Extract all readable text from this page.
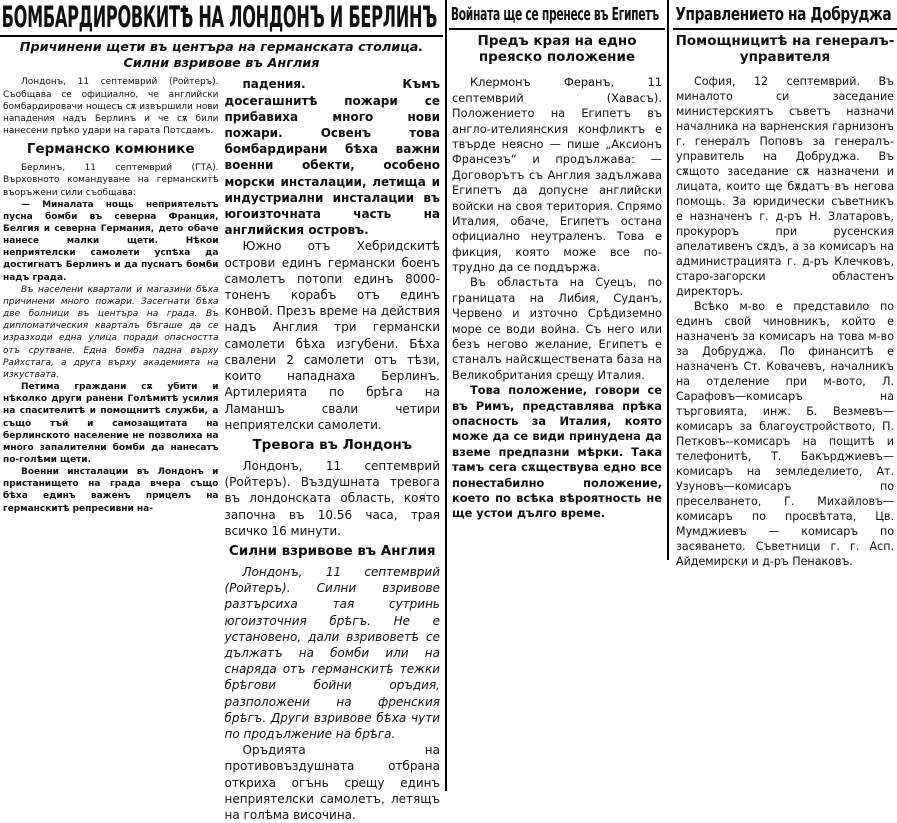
БОМБАРДИРОВКИТѢ НА ЛОНДОНЪ И БЕРЛИНЪ
Причинени щети въ центъра на германската столица. Силни взривове въ Англия

Лондонъ, 11 септемврий (Ройтеръ). Съобщава се официално, че английски бомбардировачи нощесъ сѫ извършили нови нападения надъ Берлинъ и че сѫ били нанесени прѣко удари на гарата Потсдамъ.

Германско комюнике

Берлинъ, 11 септемврий (ГТА). Върховното командуване на германскитѣ въоръжени сили съобщава:

— Миналата нощь неприятельтъ пусна бомби въ северна Франция, Белгия и северна Германия, дето обаче нанесе малки щети. Нѣкои неприятелски самолети успѣха да достигнатъ Берлинъ и да пуснатъ бомби надъ града.

Въ населени квартали и магазини бѣха причинени много пожари. Засегнати бѣха две болници въ центъра на града. Въ дипломатическия кварталъ бѣгаше да се изразходи една улица поради опасността отъ срутване. Една бомба падна върху Райхстага, а друга върху академията на изкуствата.

Петима граждани сѫ убити и нѣколко други ранени Голѣмитѣ усилия на спасителитѣ и помощнитѣ служби, а също тъй и самозащитата на берлинското население не позволиха на много запалителни бомби да нанесатъ по-голѣми щети.

Военни инсталации въ Лондонъ и пристанището на града вчера също бѣха единъ важенъ прицелъ на германскитѣ репресивни на-

падения. Къмъ досегашнитѣ пожари се прибавиха много нови пожари. Освенъ това бомбардирани бѣха важни военни обекти, особено морски инсталации, летища и индустриални инсталации въ югоизточната часть на английския островъ.

Южно отъ Хебридскитѣ острови единъ германски боенъ самолетъ потопи единъ 8000-тоненъ корабъ отъ единъ конвой. Презъ време на действия надъ Англия три германски самолети бѣха изгубени. Бѣха свалени 2 самолети отъ тѣзи, които нападнаха Берлинъ. Артилерията по брѣга на Ламаншъ свали четири неприятелски самолети.

Тревога въ Лондонъ

Лондонъ, 11 септемврий (Ройтеръ). Въздушната тревога въ лондонската область, която започна въ 10.56 часа, трая всичко 16 минути.

Силни взривове въ Англия

Лондонъ, 11 септемврий (Ройтеръ). Силни взривове разтърсиха тая сутринь югоизточния брѣгъ. Не е установено, дали взривоветѣ се дължатъ на бомби или на снаряда отъ германскитѣ тежки брѣгови бойни оръдия, разположени на френския брѣгъ. Други взривове бѣха чути по продължение на брѣга.

Оръдията на противовъздушната отбрана откриха огънь срещу единъ неприятелски самолетъ, летящъ на голѣма височина.

Войната ще се пренесе въ Египетъ
Предъ края на едно преяско положение

Клермонъ Феранъ, 11 септемврий (Хавасъ). Положението на Египетъ въ англо-ителиянския конфликтъ е твърде неясно — пише „Аксионъ Франсезъ“ и продължава: — Договорътъ съ Англия задължава Египетъ да допусне английски войски на своя територия. Спрямо Италия, обаче, Египетъ остана официално неутраленъ. Това е фикция, която може все по-трудно да се поддържа.

Въ областьта на Суецъ, по границата на Либия, Суданъ, Червено и източно Срѣдиземно море се води война. Съ него или безъ негово желание, Египетъ е станалъ найсѫществената база на Великобритания срещу Италия.

Това положение, говори се въ Римъ, представлява прѣка опасность за Италия, която може да се види принудена да вземе предпазни мѣрки. Така тамъ сега сѫществува едно все понестабилно положение, което по всѣка вѣроятность не ще устои дълго време.

Управлението на Добруджа
Помощницитѣ на генералъ-управителя

София, 12 септемврий. Въ миналото си заседание министерскиятъ съветъ назначи началника на варненския гарнизонъ г. генералъ Поповъ за генералъ-управитель на Добруджа. Въ сѫщото заседание сѫ назначени и лицата, които ще бѫдатъ въ негова помощь. За юридически съветникъ е назначенъ г. д-ръ Н. Златаровъ, прокуроръ при русенския апелативенъ сѫдъ, а за комисаръ на администрацията г. д-ръ Клечковъ, старо-загорски областенъ директоръ.

Всѣко м-во е представило по единъ свой чиновникъ, който е назначенъ за комисаръ на това м-во за Добруджа. По финанситѣ е назначенъ Ст. Ковачевъ, началникъ на отделение при м-вото, Л. Сарафовъ—комисаръ на търговията, инж. Б. Везмевъ—комисаръ за благоустройството, П. Петковъ--комисаръ на пощитѣ и телефонитѣ, Т. Бакърджиевъ—комисаръ на земледелието, Ат. Узуновъ—комисаръ по преселването, Г. Михайловъ—комисаръ по просвѣтата, Цв. Мумджиевъ — комисаръ по засяването. Съветници г. г. Асп. Айдемирски и д-ръ Пенаковъ.
